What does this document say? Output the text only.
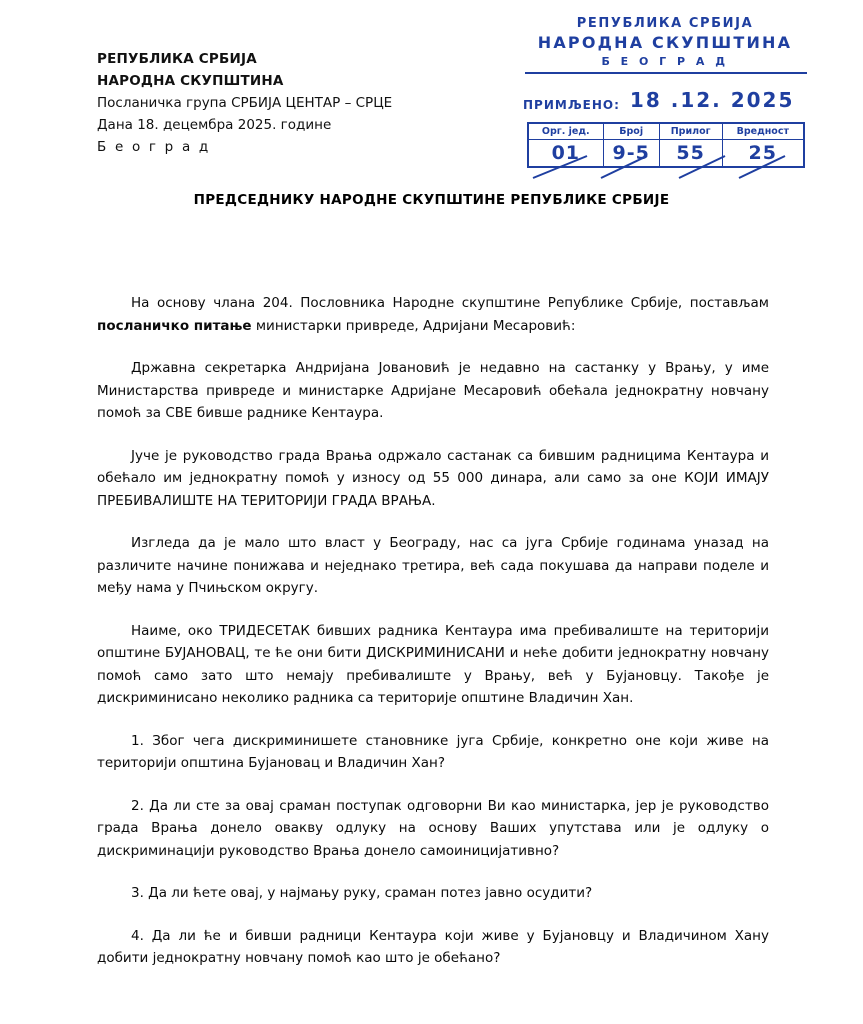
РЕПУБЛИКА СРБИЈА
НАРОДНА СКУПШТИНА
Посланичка група СРБИЈА ЦЕНТАР – СРЦЕ
Дана 18. децембра 2025. године
Б е о г р а д
РЕПУБЛИКА СРБИЈА
НАРОДНА СКУПШТИНА
Б Е О Г Р А Д
ПРИМЉЕНО: 18 .12. 2025
Орг. јед.	Број	Прилог	Вредност
01	9-5	55	25
ПРЕДСЕДНИКУ НАРОДНЕ СКУПШТИНЕ РЕПУБЛИКЕ СРБИЈЕ

На основу члана 204. Пословника Народне скупштине Републике Србије, постављам посланичко питање министарки привреде, Адријани Месаровић:

Државна секретарка Андријана Јовановић је недавно на састанку у Врању, у име Министарства привреде и министарке Адријане Месаровић обећала једнократну новчану помоћ за СВЕ бивше раднике Кентаура.

Јуче је руководство града Врања одржало састанак са бившим радницима Кентаура и обећало им једнократну помоћ у износу од 55 000 динара, али само за оне КОЈИ ИМАЈУ ПРЕБИВАЛИШТЕ НА ТЕРИТОРИЈИ ГРАДА ВРАЊА.

Изгледа да је мало што власт у Београду, нас са југа Србије годинама уназад на различите начине понижава и неједнако третира, већ сада покушава да направи поделе и међу нама у Пчињском округу.

Наиме, око ТРИДЕСЕТАК бивших радника Кентаура има пребивалиште на територији општине БУЈАНОВАЦ, те ће они бити ДИСКРИМИНИСАНИ и неће добити једнократну новчану помоћ само зато што немају пребивалиште у Врању, већ у Бујановцу. Такође је дискриминисано неколико радника са територије општине Владичин Хан.

1. Због чега дискриминишете становнике југа Србије, конкретно оне који живе на територији општина Бујановац и Владичин Хан?

2. Да ли сте за овај сраман поступак одговорни Ви као министарка, јер је руководство града Врања донело овакву одлуку на основу Ваших упутстава или је одлуку о дискриминацији руководство Врања донело самоиницијативно?

3. Да ли ћете овај, у најмању руку, сраман потез јавно осудити?

4. Да ли ће и бивши радници Кентаура који живе у Бујановцу и Владичином Хану добити једнократну новчану помоћ као што је обећано?
